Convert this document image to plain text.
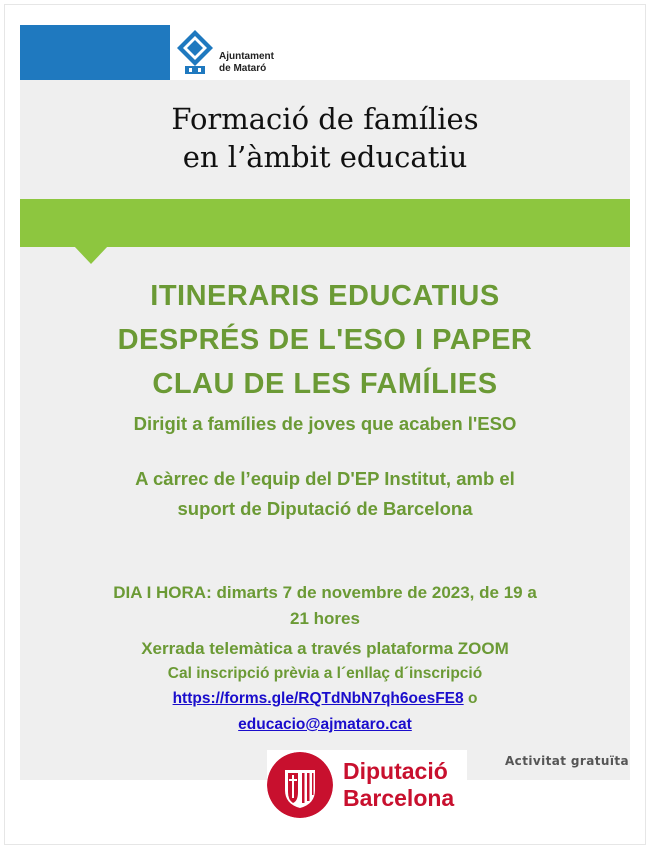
Ajuntament
de Mataró
Formació de famílies
en l’àmbit educatiu
ITINERARIS EDUCATIUS
DESPRÉS DE L'ESO I PAPER
CLAU DE LES FAMÍLIES
Dirigit a famílies de joves que acaben l'ESO
A càrrec de l’equip del D'EP Institut, amb el
suport de Diputació de Barcelona
DIA I HORA: dimarts 7 de novembre de 2023, de 19 a
21 hores
Xerrada telemàtica a través plataforma ZOOM
Cal inscripció prèvia a l´enllaç d´inscripció
https://forms.gle/RQTdNbN7qh6oesFE8 o
educacio@ajmataro.cat
Diputació
Barcelona
Activitat gratuïta
